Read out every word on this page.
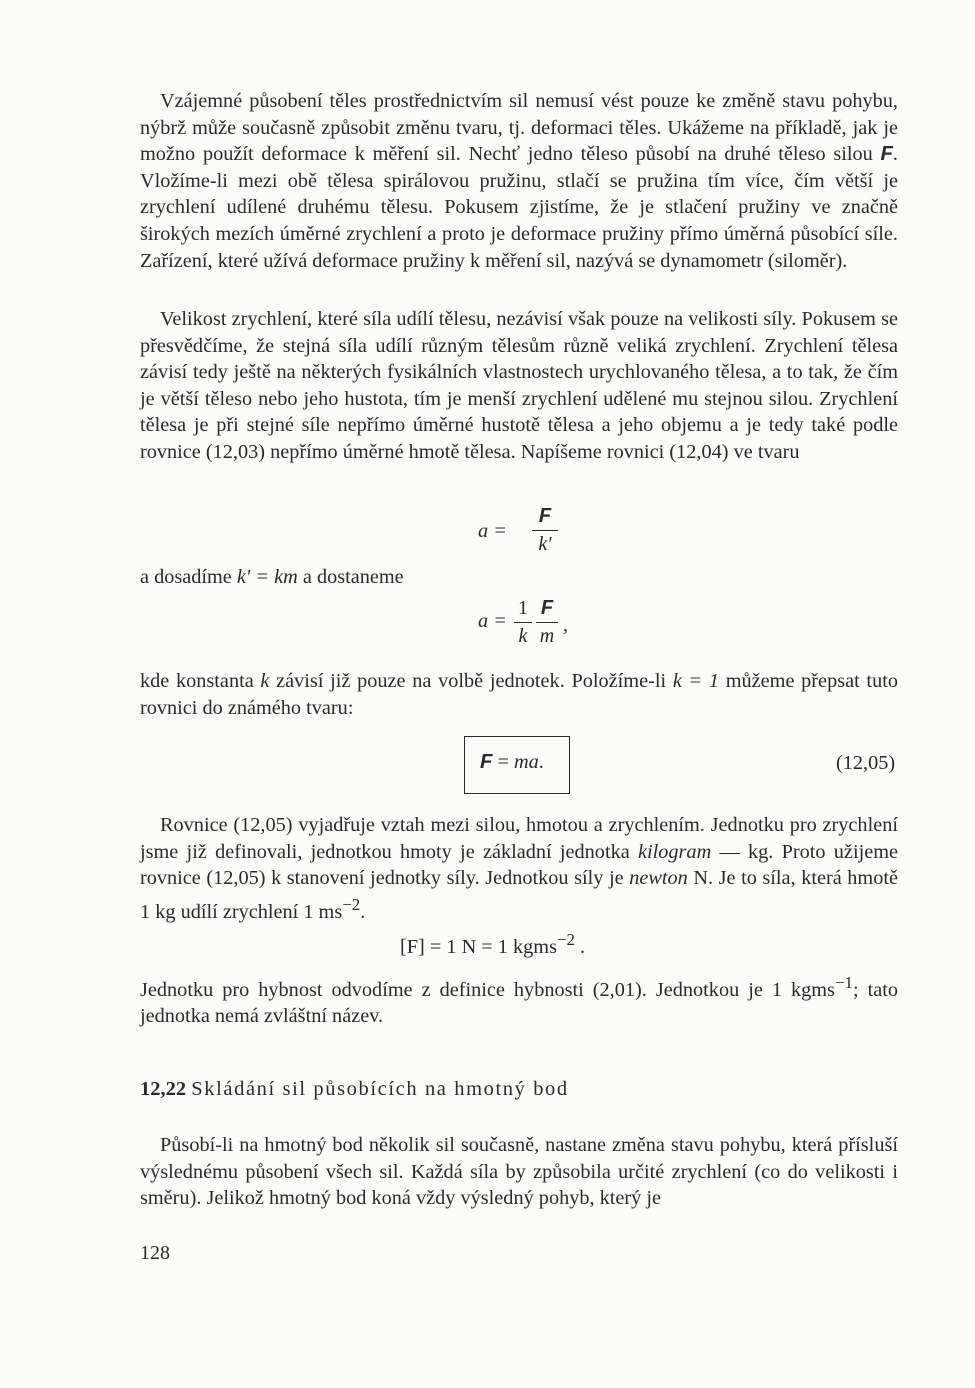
Vzájemné působení těles prostřednictvím sil nemusí vést pouze ke změně stavu pohybu, nýbrž může současně způsobit změnu tvaru, tj. deformaci těles. Ukážeme na příkladě, jak je možno použít deformace k měření sil. Nechť jedno těleso působí na druhé těleso silou F. Vložíme-li mezi obě tělesa spirálovou pružinu, stlačí se pružina tím více, čím větší je zrychlení udílené druhému tělesu. Pokusem zjistíme, že je stlačení pružiny ve značně širokých mezích úměrné zrychlení a proto je deformace pružiny přímo úměrná působící síle. Zařízení, které užívá deformace pružiny k měření sil, nazývá se dynamometr (siloměr).

Velikost zrychlení, které síla udílí tělesu, nezávisí však pouze na velikosti síly. Pokusem se přesvědčíme, že stejná síla udílí různým tělesům různě veliká zrychlení. Zrychlení tělesa závisí tedy ještě na některých fysikálních vlastnostech urychlovaného tělesa, a to tak, že čím je větší těleso nebo jeho hustota, tím je menší zrychlení udělené mu stejnou silou. Zrychlení tělesa je při stejné síle nepřímo úměrné hustotě tělesa a jeho objemu a je tedy také podle rovnice (12,03) nepřímo úměrné hmotě tělesa. Napíšeme rovnici (12,04) ve tvaru

a =
F
k′
a dosadíme k′ = km a dostaneme
a =
1
k
F
m ,

kde konstanta k závisí již pouze na volbě jednotek. Položíme-li k = 1 můžeme přepsat tuto rovnici do známého tvaru:

F = ma.	(12,05)

Rovnice (12,05) vyjadřuje vztah mezi silou, hmotou a zrychlením. Jednotku pro zrychlení jsme již definovali, jednotkou hmoty je základní jednotka kilogram — kg. Proto užijeme rovnice (12,05) k stanovení jednotky síly. Jednotkou síly je newton N. Je to síla, která hmotě 1 kg udílí zrychlení 1 $ms^{-2}$.

[F] = 1 N = 1 kgms$^{-2}$ .

Jednotku pro hybnost odvodíme z definice hybnosti (2,01). Jednotkou je 1 kgms$^{-1}$; tato jednotka nemá zvláštní název.

12,22 Skládání sil působících na hmotný bod

Působí-li na hmotný bod několik sil současně, nastane změna stavu pohybu, která přísluší výslednému působení všech sil. Každá síla by způsobila určité zrychlení (co do velikosti i směru). Jelikož hmotný bod koná vždy výsledný pohyb, který je

128
